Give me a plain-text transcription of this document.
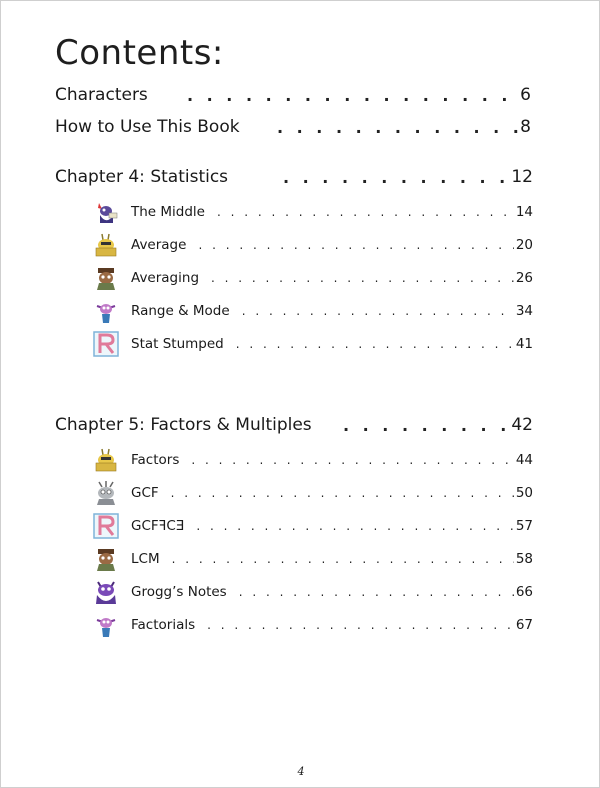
Contents:
Characters . . .	6
How to Use This Book . . .	8
Chapter 4: Statistics . . .	12
The Middle . . .	14
Average . . .	20
Averaging . . .	26
Range & Mode . . .	34
Stat Stumped . . .	41
Chapter 5: Factors & Multiples . . .	42
Factors . . .	44
GCF . . .	50
GCFꟻCƎ . . .	57
LCM . . .	58
Grogg’s Notes . . .	66
Factorials . . .	67
4
